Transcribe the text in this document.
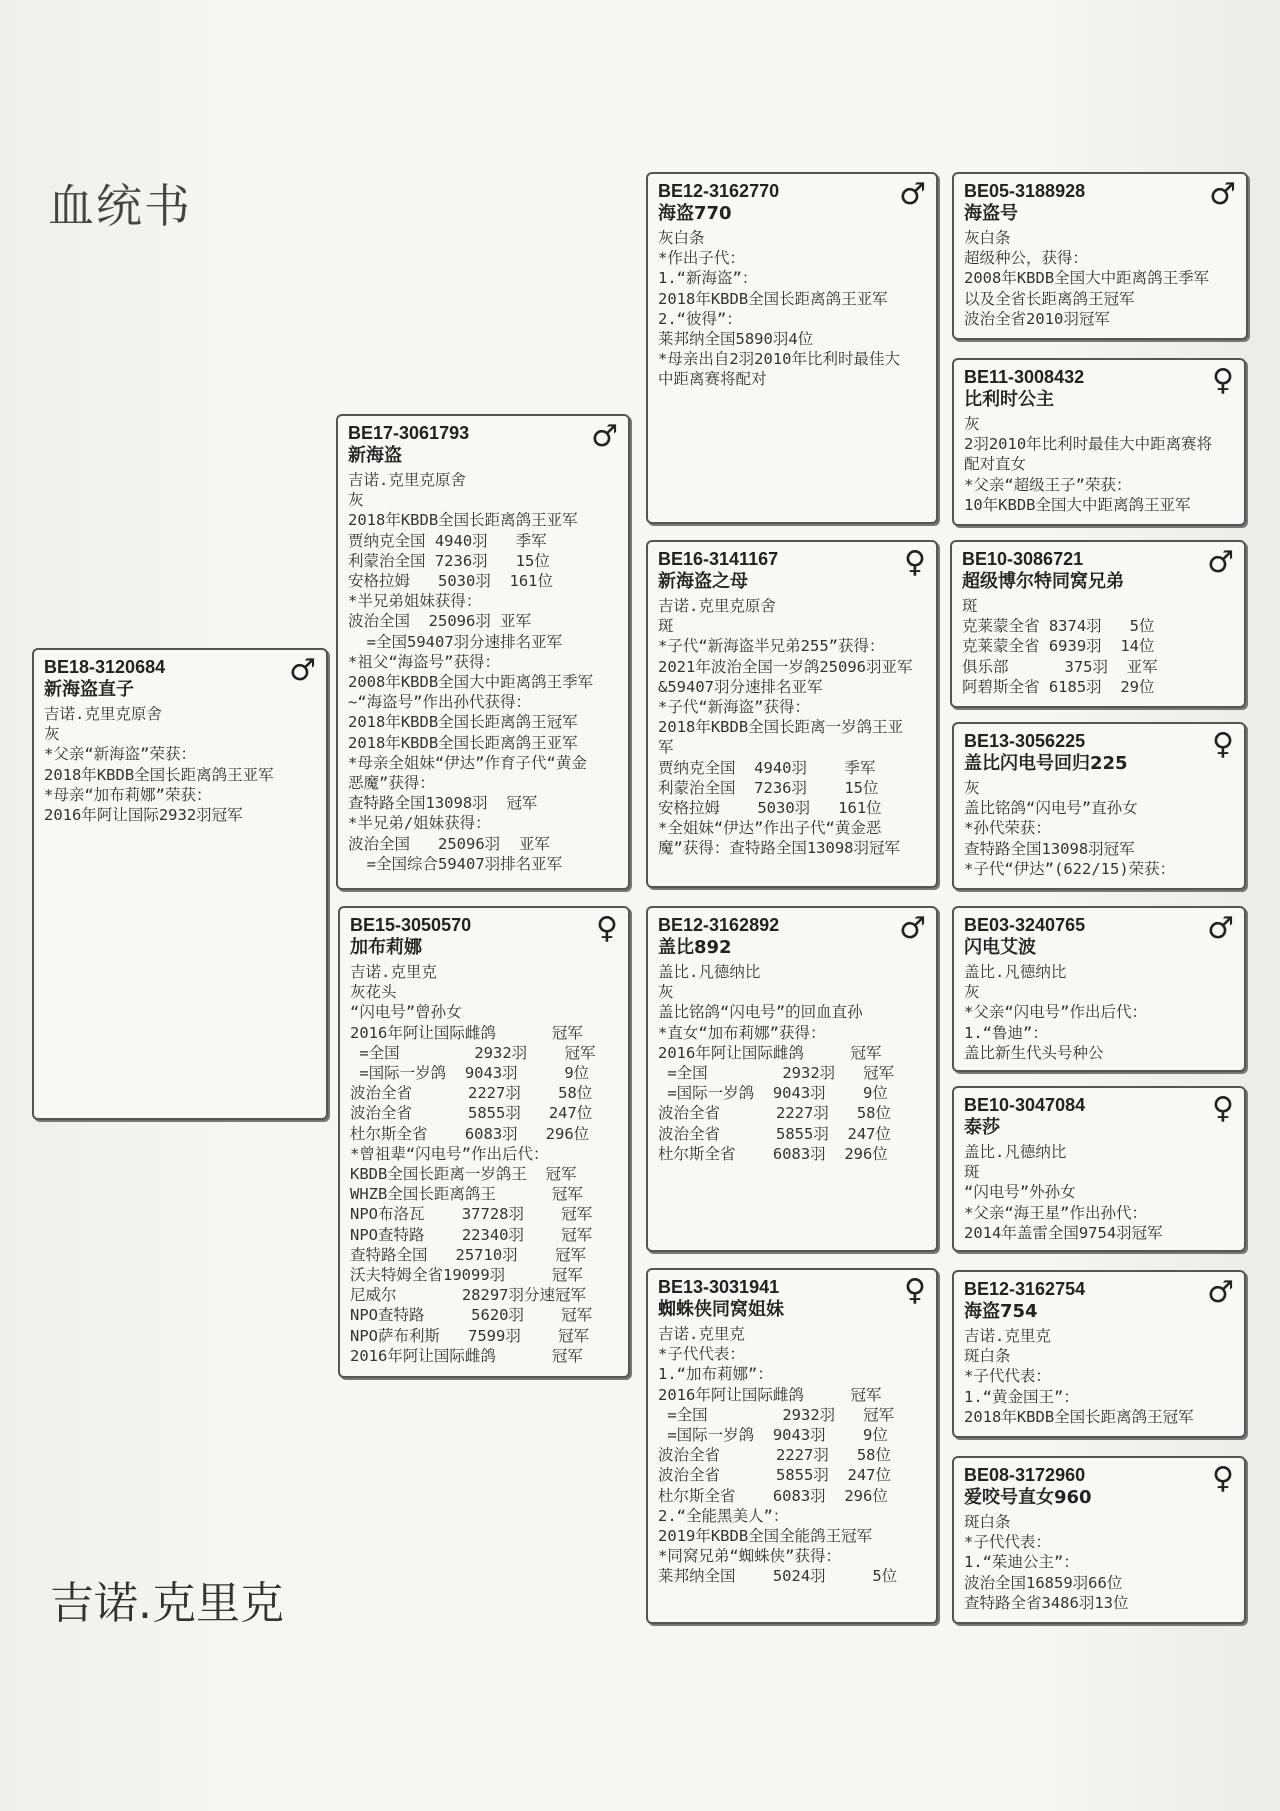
血统书
吉诺.克里克
BE18-3120684
新海盗直子
♂
吉诺.克里克原舍
灰
*父亲“新海盗”荣获：
2018年KBDB全国长距离鸽王亚军
*母亲“加布莉娜”荣获：
2016年阿让国际2932羽冠军
BE17-3061793
新海盗
♂
吉诺.克里克原舍
灰
2018年KBDB全国长距离鸽王亚军
贾纳克全国 4940羽   季军
利蒙治全国 7236羽   15位
安格拉姆   5030羽  161位
*半兄弟姐妹获得：
波治全国  25096羽 亚军
=全国59407羽分速排名亚军
*祖父“海盗号”获得：
2008年KBDB全国大中距离鸽王季军
~“海盗号”作出孙代获得：
2018年KBDB全国长距离鸽王冠军
2018年KBDB全国长距离鸽王亚军
*母亲全姐妹“伊达”作育子代“黄金
恶魔”获得：
查特路全国13098羽  冠军
*半兄弟/姐妹获得：
波治全国   25096羽  亚军
=全国综合59407羽排名亚军
BE15-3050570
加布莉娜
♀
吉诺.克里克
灰花头
“闪电号”曾孙女
2016年阿让国际雌鸽      冠军
=全国        2932羽    冠军
=国际一岁鸽  9043羽     9位
波治全省      2227羽    58位
波治全省      5855羽   247位
杜尔斯全省    6083羽   296位
*曾祖辈“闪电号”作出后代：
KBDB全国长距离一岁鸽王  冠军
WHZB全国长距离鸽王      冠军
NPO布洛瓦    37728羽    冠军
NPO查特路    22340羽    冠军
查特路全国   25710羽    冠军
沃夫特姆全省19099羽     冠军
尼威尔       28297羽分速冠军
NPO查特路     5620羽    冠军
NPO萨布利斯   7599羽    冠军
2016年阿让国际雌鸽      冠军
BE12-3162770
海盗770
♂
灰白条
*作出子代：
1.“新海盗”：
2018年KBDB全国长距离鸽王亚军
2.“彼得”：
莱邦纳全国5890羽4位
*母亲出自2羽2010年比利时最佳大
中距离赛将配对
BE16-3141167
新海盗之母
♀
吉诺.克里克原舍
斑
*子代“新海盗半兄弟255”获得：
2021年波治全国一岁鸽25096羽亚军
&59407羽分速排名亚军
*子代“新海盗”获得：
2018年KBDB全国长距离一岁鸽王亚
军
贾纳克全国  4940羽    季军
利蒙治全国  7236羽    15位
安格拉姆    5030羽   161位
*全姐妹“伊达”作出子代“黄金恶
魔”获得：查特路全国13098羽冠军
BE12-3162892
盖比892
♂
盖比.凡德纳比
灰
盖比铭鸽“闪电号”的回血直孙
*直女“加布莉娜”获得：
2016年阿让国际雌鸽     冠军
=全国        2932羽   冠军
=国际一岁鸽  9043羽    9位
波治全省      2227羽   58位
波治全省      5855羽  247位
杜尔斯全省    6083羽  296位
BE13-3031941
蜘蛛侠同窝姐妹
♀
吉诺.克里克
*子代代表：
1.“加布莉娜”：
2016年阿让国际雌鸽     冠军
=全国        2932羽   冠军
=国际一岁鸽  9043羽    9位
波治全省      2227羽   58位
波治全省      5855羽  247位
杜尔斯全省    6083羽  296位
2.“全能黑美人”：
2019年KBDB全国全能鸽王冠军
*同窝兄弟“蜘蛛侠”获得：
莱邦纳全国    5024羽     5位
BE05-3188928
海盗号
♂
灰白条
超级种公，获得：
2008年KBDB全国大中距离鸽王季军
以及全省长距离鸽王冠军
波治全省2010羽冠军
BE11-3008432
比利时公主
♀
灰
2羽2010年比利时最佳大中距离赛将
配对直女
*父亲“超级王子”荣获：
10年KBDB全国大中距离鸽王亚军
BE10-3086721
超级博尔特同窝兄弟
♂
斑
克莱蒙全省 8374羽   5位
克莱蒙全省 6939羽  14位
俱乐部      375羽  亚军
阿碧斯全省 6185羽  29位
BE13-3056225
盖比闪电号回归225
♀
灰
盖比铭鸽“闪电号”直孙女
*孙代荣获：
查特路全国13098羽冠军
*子代“伊达”(622/15)荣获：
BE03-3240765
闪电艾波
♂
盖比.凡德纳比
灰
*父亲“闪电号”作出后代：
1.“鲁迪”：
盖比新生代头号种公
BE10-3047084
泰莎
♀
盖比.凡德纳比
斑
“闪电号”外孙女
*父亲“海王星”作出孙代：
2014年盖雷全国9754羽冠军
BE12-3162754
海盗754
♂
吉诺.克里克
斑白条
*子代代表：
1.“黄金国王”：
2018年KBDB全国长距离鸽王冠军
BE08-3172960
爱咬号直女960
♀
斑白条
*子代代表：
1.“茱迪公主”：
波治全国16859羽66位
查特路全省3486羽13位
